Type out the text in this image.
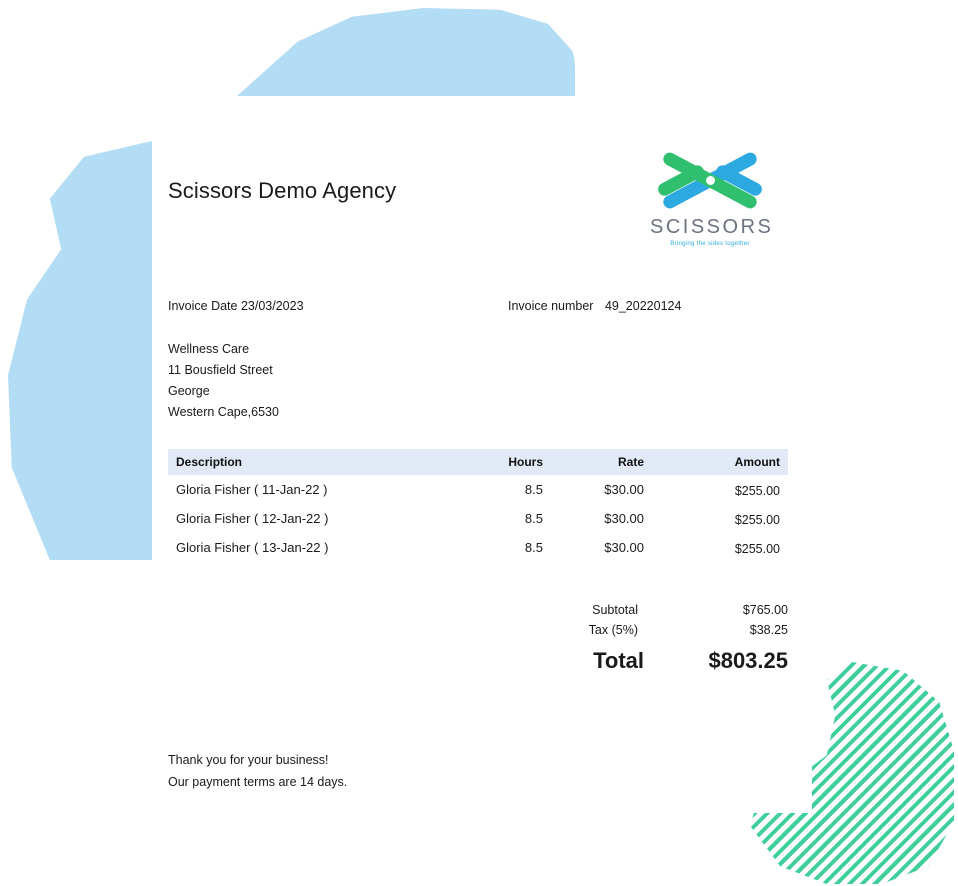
Scissors Demo Agency
SCISSORS
Bringing the sides together
Invoice Date 23/03/2023	Invoice number 49_20220124
Wellness Care
11 Bousfield Street
George
Western Cape,6530
Description	Hours	Rate	Amount
Gloria Fisher ( 11-Jan-22 )	8.5	$30.00	$255.00
Gloria Fisher ( 12-Jan-22 )	8.5	$30.00	$255.00
Gloria Fisher ( 13-Jan-22 )	8.5	$30.00	$255.00
Subtotal	$765.00
Tax (5%)	$38.25
Total	$803.25
Thank you for your business!
Our payment terms are 14 days.
